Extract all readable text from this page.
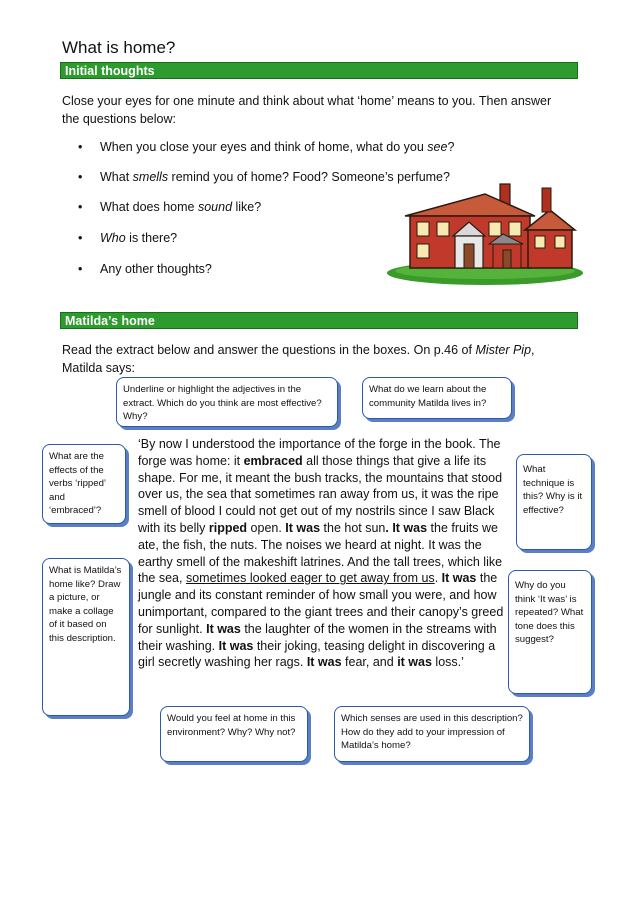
What is home?
Initial thoughts
Close your eyes for one minute and think about what ‘home’ means to you. Then answer
the questions below:
• When you close your eyes and think of home, what do you see?
• What smells remind you of home? Food? Someone’s perfume?
• What does home sound like?
• Who is there?
• Any other thoughts?
Matilda’s home
Read the extract below and answer the questions in the boxes. On p.46 of Mister Pip,
Matilda says:
Underline or highlight the adjectives in the extract. Which do you think are most effective? Why?
What do we learn about the community Matilda lives in?
What are the effects of the verbs ‘ripped’ and ‘embraced’?
What technique is this? Why is it effective?
What is Matilda’s home like? Draw a picture, or make a collage of it based on this description.
Why do you think ‘It was’ is repeated? What tone does this suggest?
Would you feel at home in this environment? Why? Why not?
Which senses are used in this description? How do they add to your impression of Matilda’s home?

‘By now I understood the importance of the forge in the book. The forge was home: it embraced all those things that give a life its shape. For me, it meant the bush tracks, the mountains that stood over us, the sea that sometimes ran away from us, it was the ripe smell of blood I could not get out of my nostrils since I saw Black with its belly ripped open. It was the hot sun. It was the fruits we ate, the fish, the nuts. The noises we heard at night. It was the earthy smell of the makeshift latrines. And the tall trees, which like the sea, sometimes looked eager to get away from us. It was the jungle and its constant reminder of how small you were, and how unimportant, compared to the giant trees and their canopy’s greed for sunlight. It was the laughter of the women in the streams with their washing. It was their joking, teasing delight in discovering a girl secretly washing her rags. It was fear, and it was loss.’
